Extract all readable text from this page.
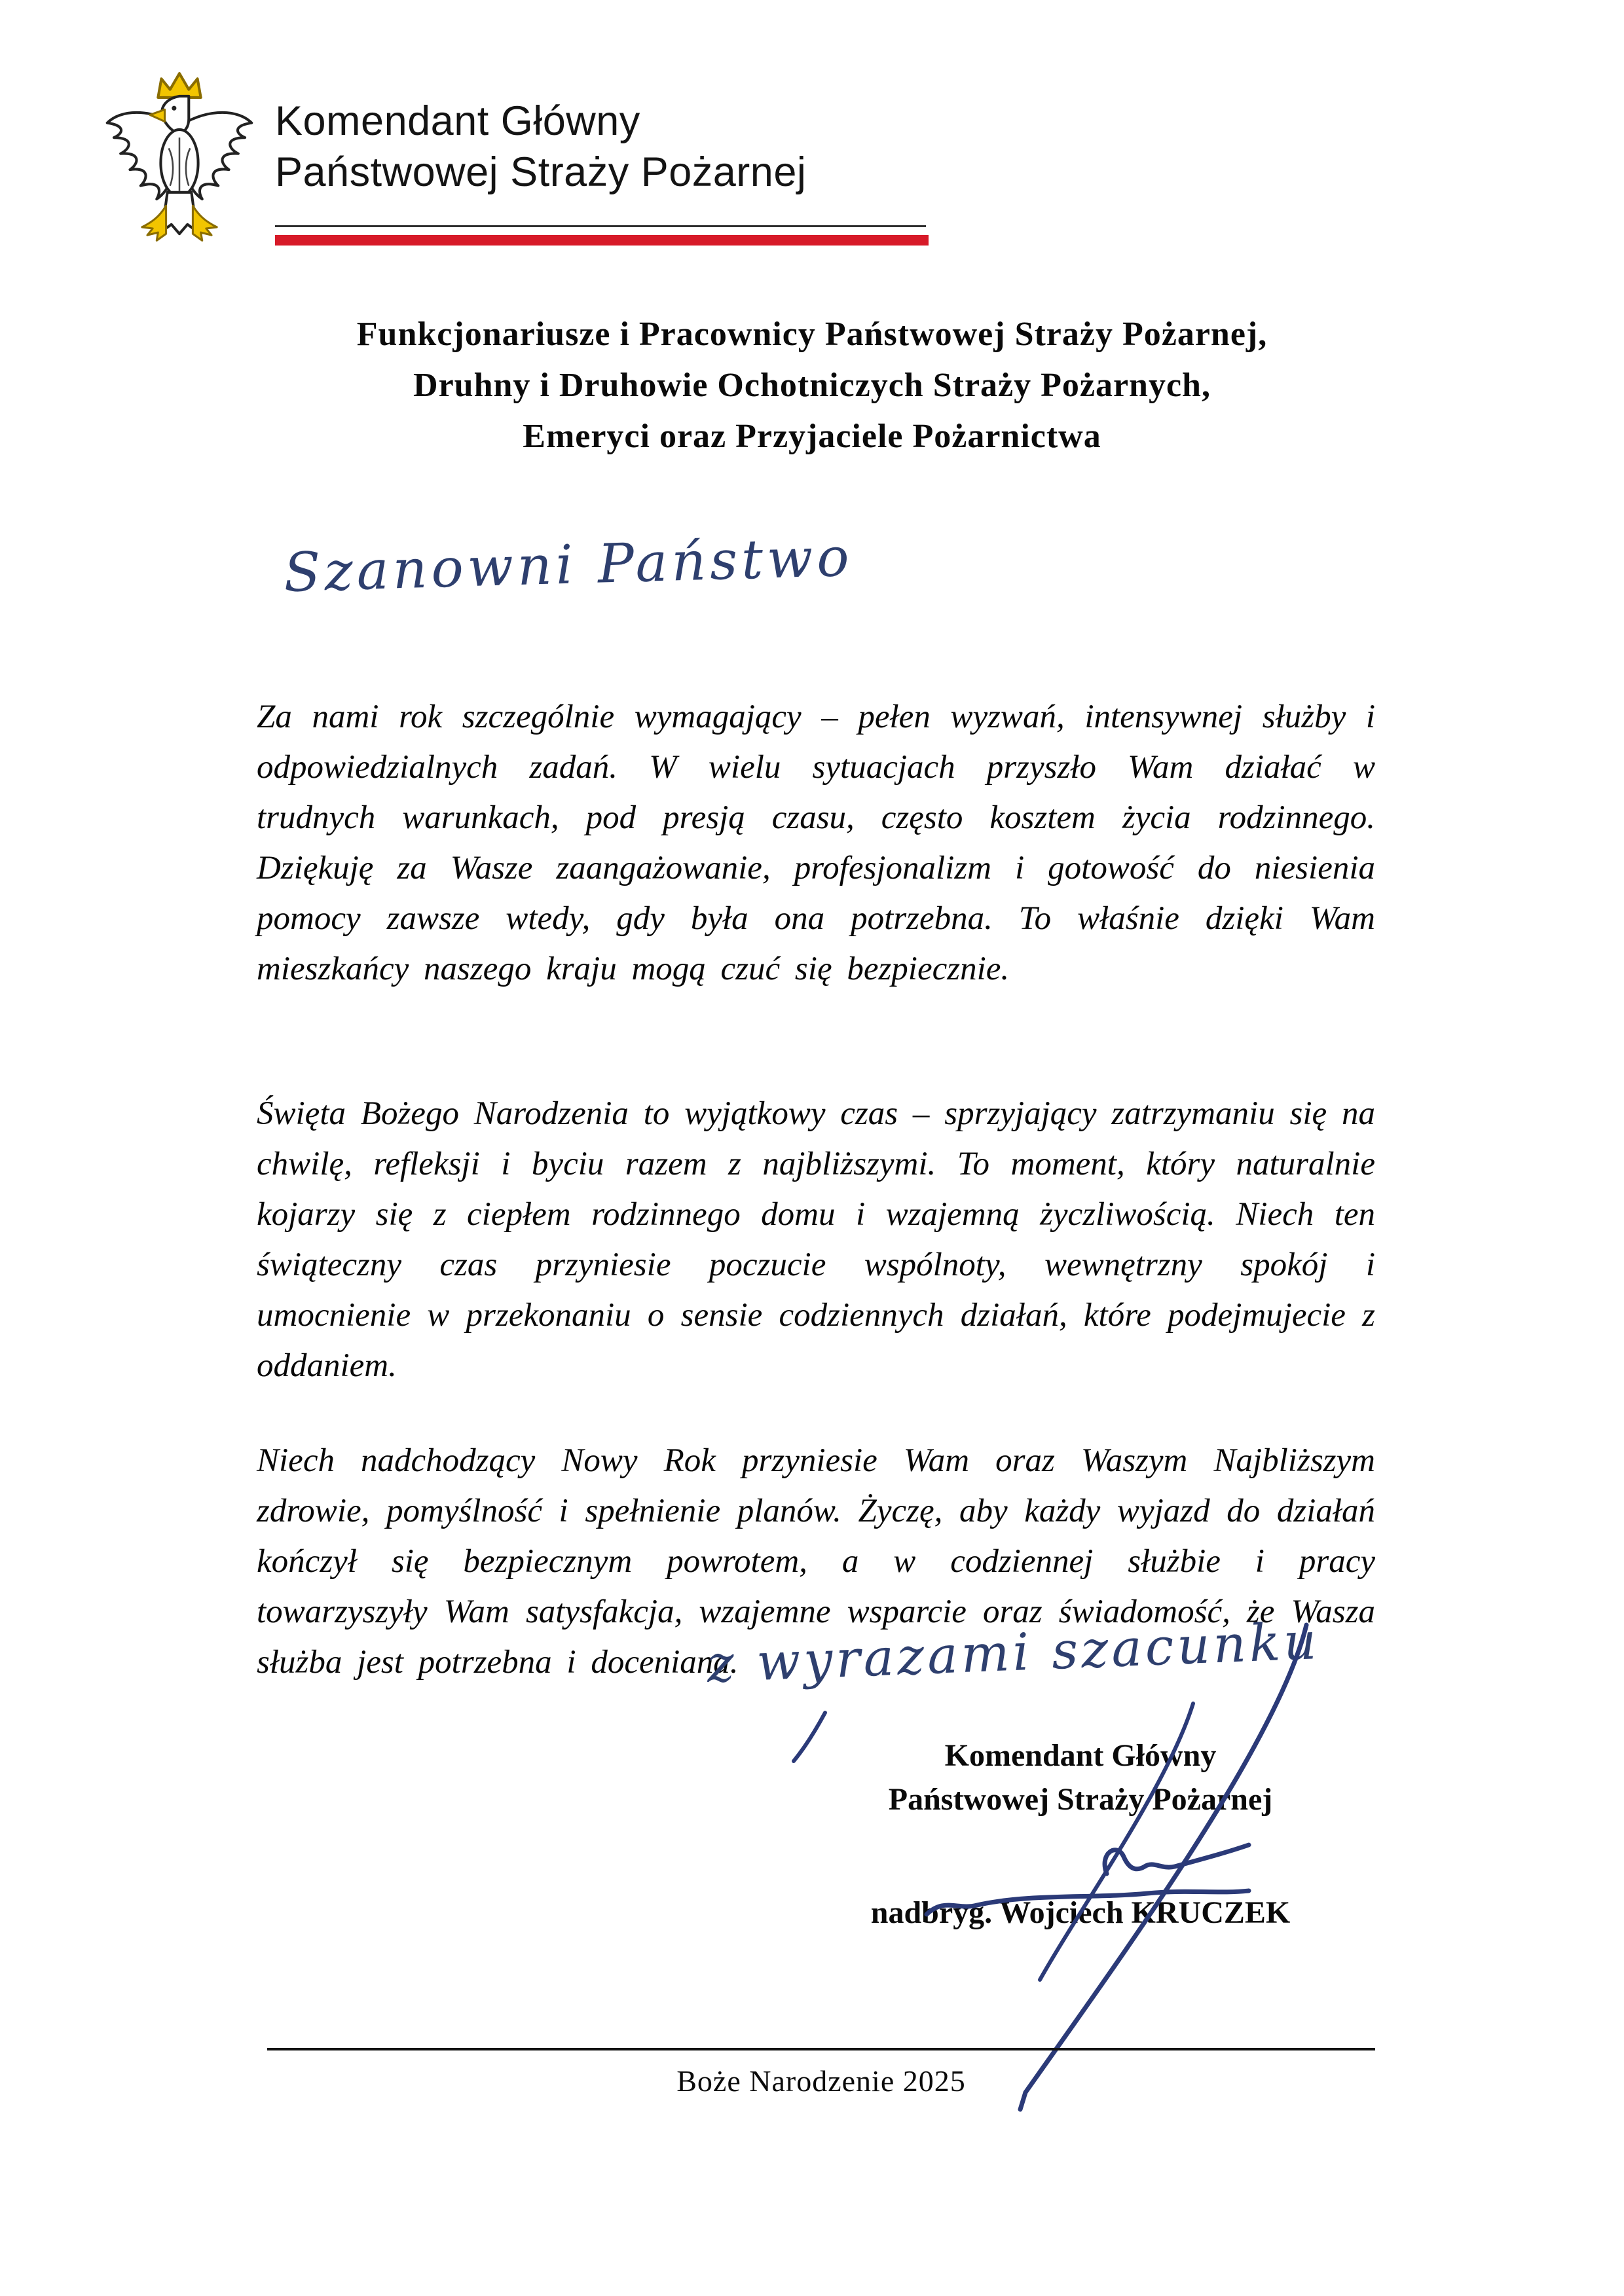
Komendant Główny
Państwowej Straży Pożarnej
Funkcjonariusze i Pracownicy Państwowej Straży Pożarnej,
Druhny i Druhowie Ochotniczych Straży Pożarnych,
Emeryci oraz Przyjaciele Pożarnictwa
Szanowni Państwo

Za nami rok szczególnie wymagający – pełen wyzwań, intensywnej służby i odpowiedzialnych zadań. W wielu sytuacjach przyszło Wam działać w trudnych warunkach, pod presją czasu, często kosztem życia rodzinnego. Dziękuję za Wasze zaangażowanie, profesjonalizm i gotowość do niesienia pomocy zawsze wtedy, gdy była ona potrzebna. To właśnie dzięki Wam mieszkańcy naszego kraju mogą czuć się bezpiecznie.

Święta Bożego Narodzenia to wyjątkowy czas – sprzyjający zatrzymaniu się na chwilę, refleksji i byciu razem z najbliższymi. To moment, który naturalnie kojarzy się z ciepłem rodzinnego domu i wzajemną życzliwością. Niech ten świąteczny czas przyniesie poczucie wspólnoty, wewnętrzny spokój i umocnienie w przekonaniu o sensie codziennych działań, które podejmujecie z oddaniem.

Niech nadchodzący Nowy Rok przyniesie Wam oraz Waszym Najbliższym zdrowie, pomyślność i spełnienie planów. Życzę, aby każdy wyjazd do działań kończył się bezpiecznym powrotem, a w codziennej służbie i pracy towarzyszyły Wam satysfakcja, wzajemne wsparcie oraz świadomość, że Wasza służba jest potrzebna i doceniana.

z wyrazami szacunku
Komendant Główny
Państwowej Straży Pożarnej
nadbryg. Wojciech KRUCZEK
Boże Narodzenie 2025
